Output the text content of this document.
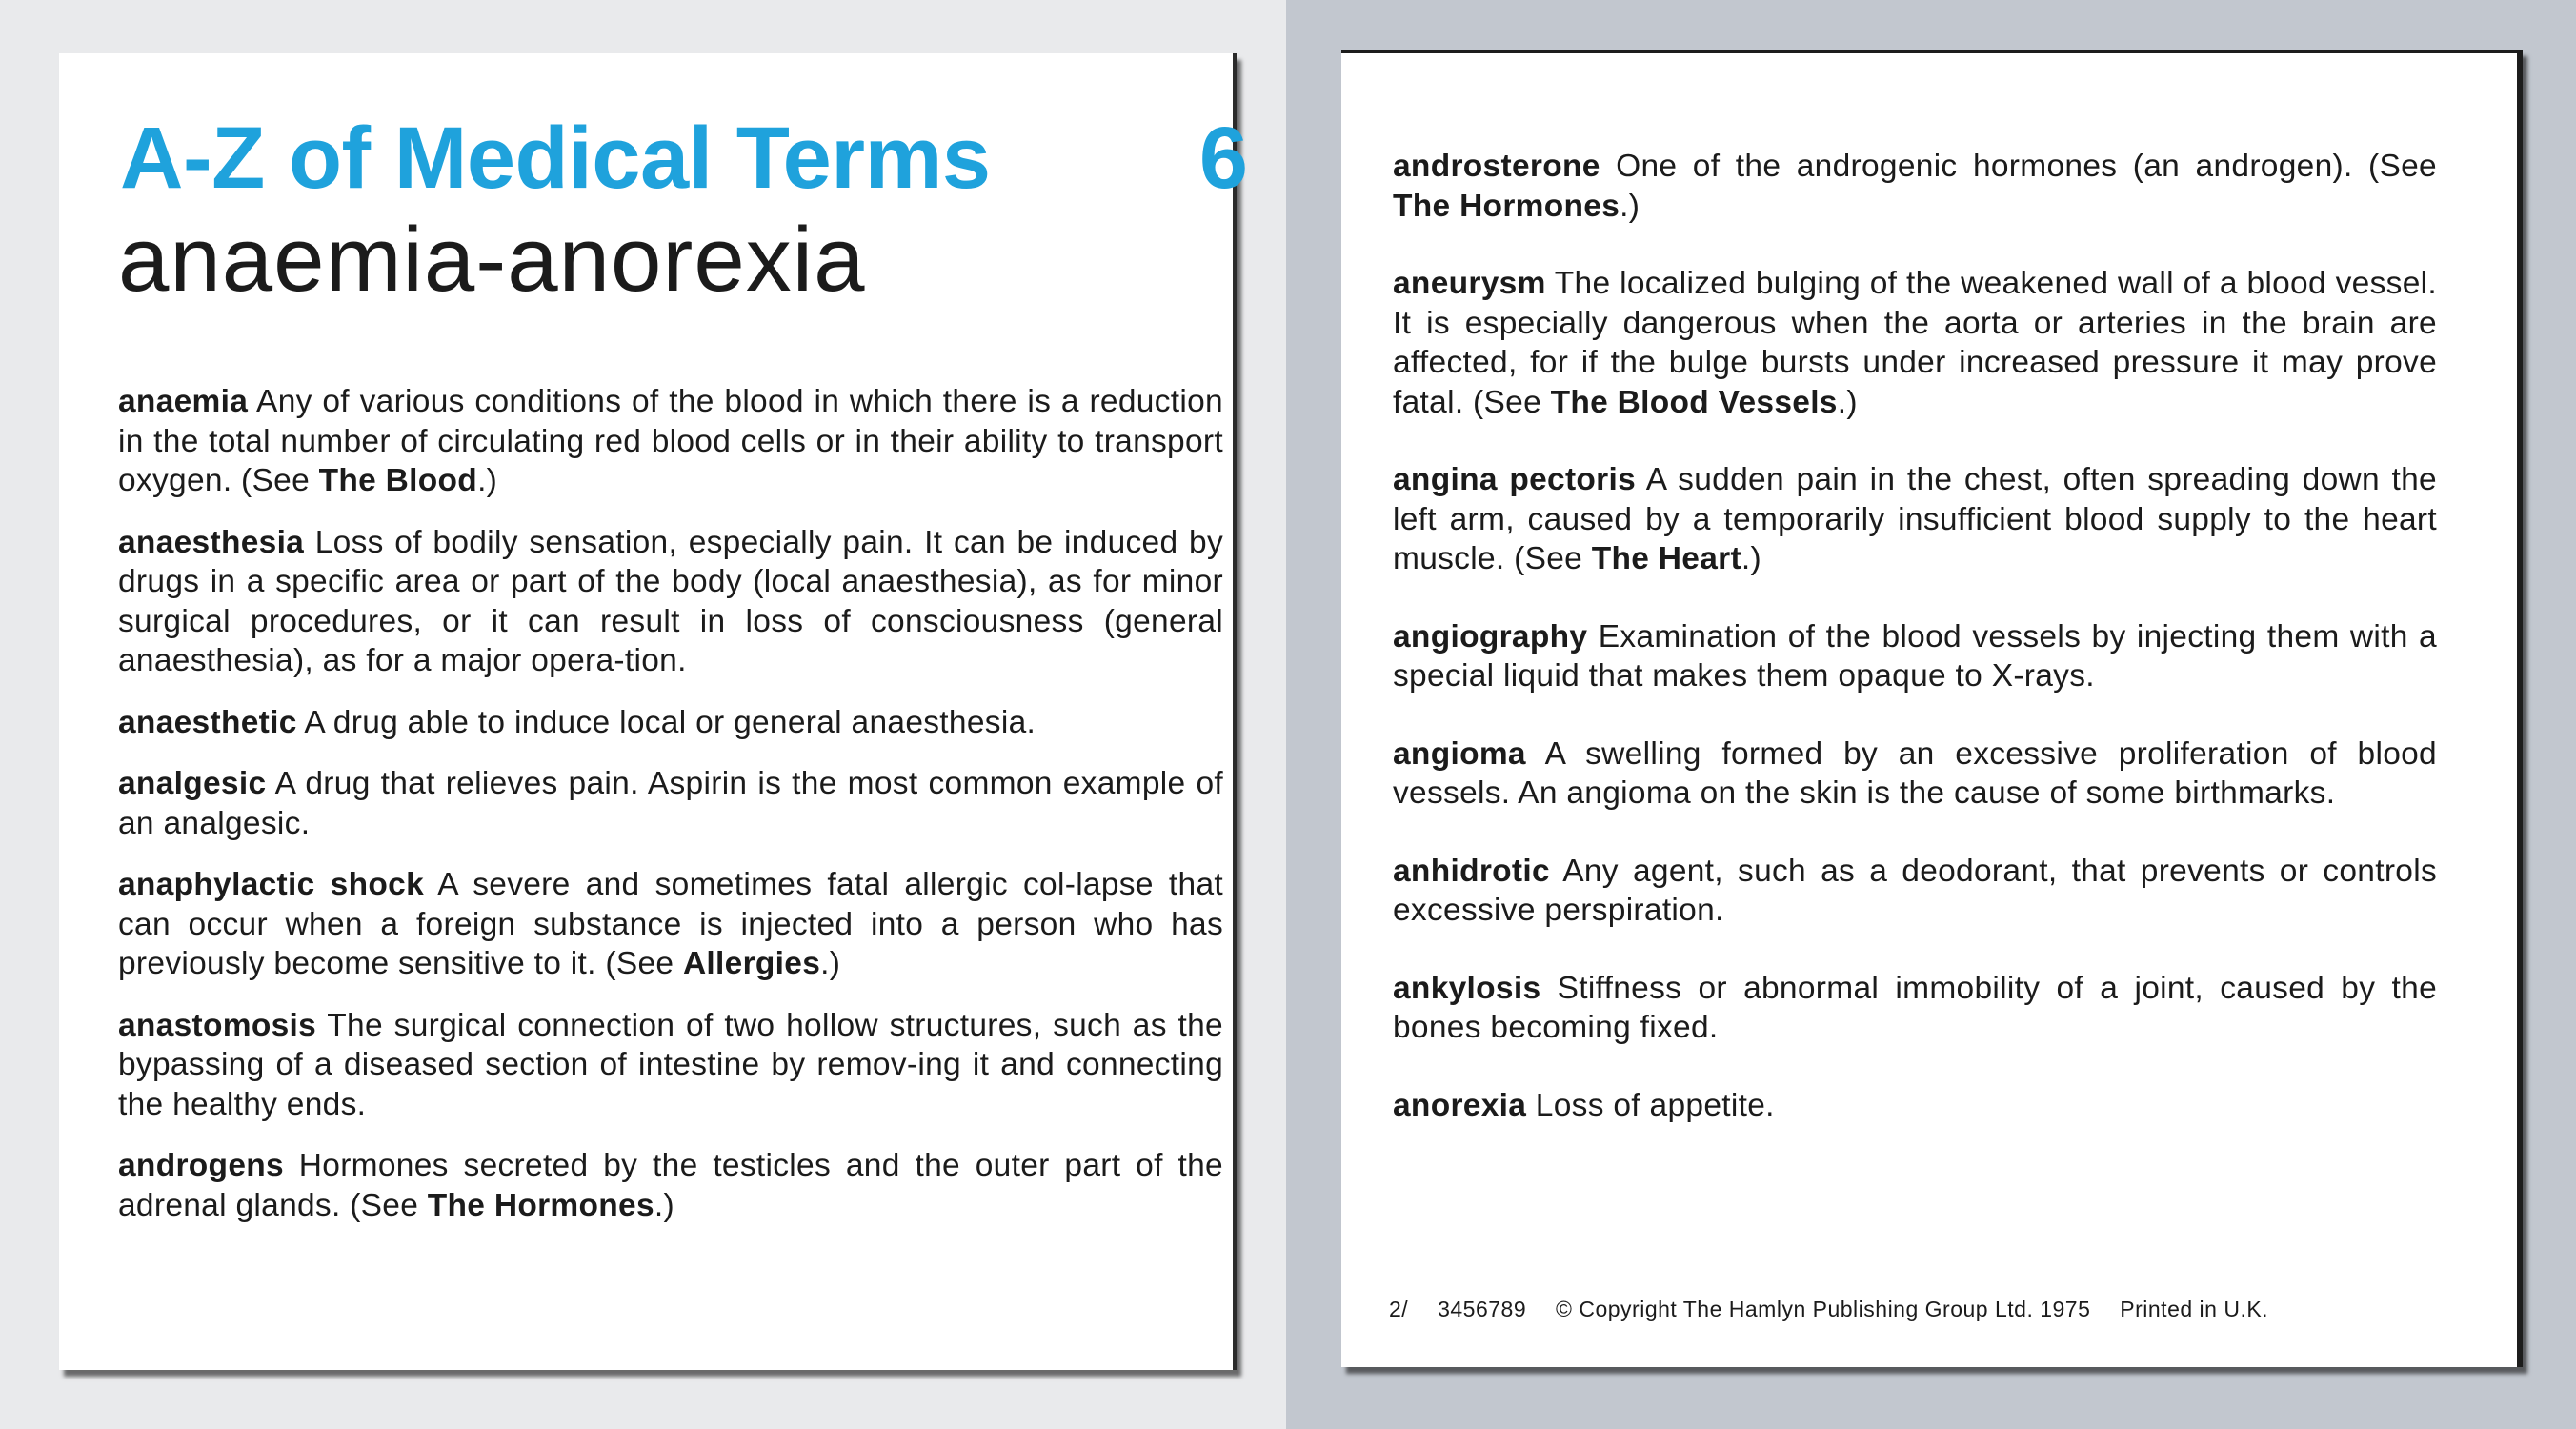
A-Z of Medical Terms 6
anaemia-anorexia
anaemia Any of various conditions of the blood in which there is a reduction in the total number of circulating red blood cells or in their ability to transport oxygen. (See The Blood.)
anaesthesia Loss of bodily sensation, especially pain. It can be induced by drugs in a specific area or part of the body (local anaesthesia), as for minor surgical procedures, or it can result in loss of consciousness (general anaesthesia), as for a major opera-tion.
anaesthetic A drug able to induce local or general anaesthesia.
analgesic A drug that relieves pain. Aspirin is the most common example of an analgesic.
anaphylactic shock A severe and sometimes fatal allergic col-lapse that can occur when a foreign substance is injected into a person who has previously become sensitive to it. (See Allergies.)
anastomosis The surgical connection of two hollow structures, such as the bypassing of a diseased section of intestine by remov-ing it and connecting the healthy ends.
androgens Hormones secreted by the testicles and the outer part of the adrenal glands. (See The Hormones.)
androsterone One of the androgenic hormones (an androgen). (See The Hormones.)
aneurysm The localized bulging of the weakened wall of a blood vessel. It is especially dangerous when the aorta or arteries in the brain are affected, for if the bulge bursts under increased pressure it may prove fatal. (See The Blood Vessels.)
angina pectoris A sudden pain in the chest, often spreading down the left arm, caused by a temporarily insufficient blood supply to the heart muscle. (See The Heart.)
angiography Examination of the blood vessels by injecting them with a special liquid that makes them opaque to X-rays.
angioma A swelling formed by an excessive proliferation of blood vessels. An angioma on the skin is the cause of some birthmarks.
anhidrotic Any agent, such as a deodorant, that prevents or controls excessive perspiration.
ankylosis Stiffness or abnormal immobility of a joint, caused by the bones becoming fixed.
anorexia Loss of appetite.
2/ 3456789 © Copyright The Hamlyn Publishing Group Ltd. 1975 Printed in U.K.
